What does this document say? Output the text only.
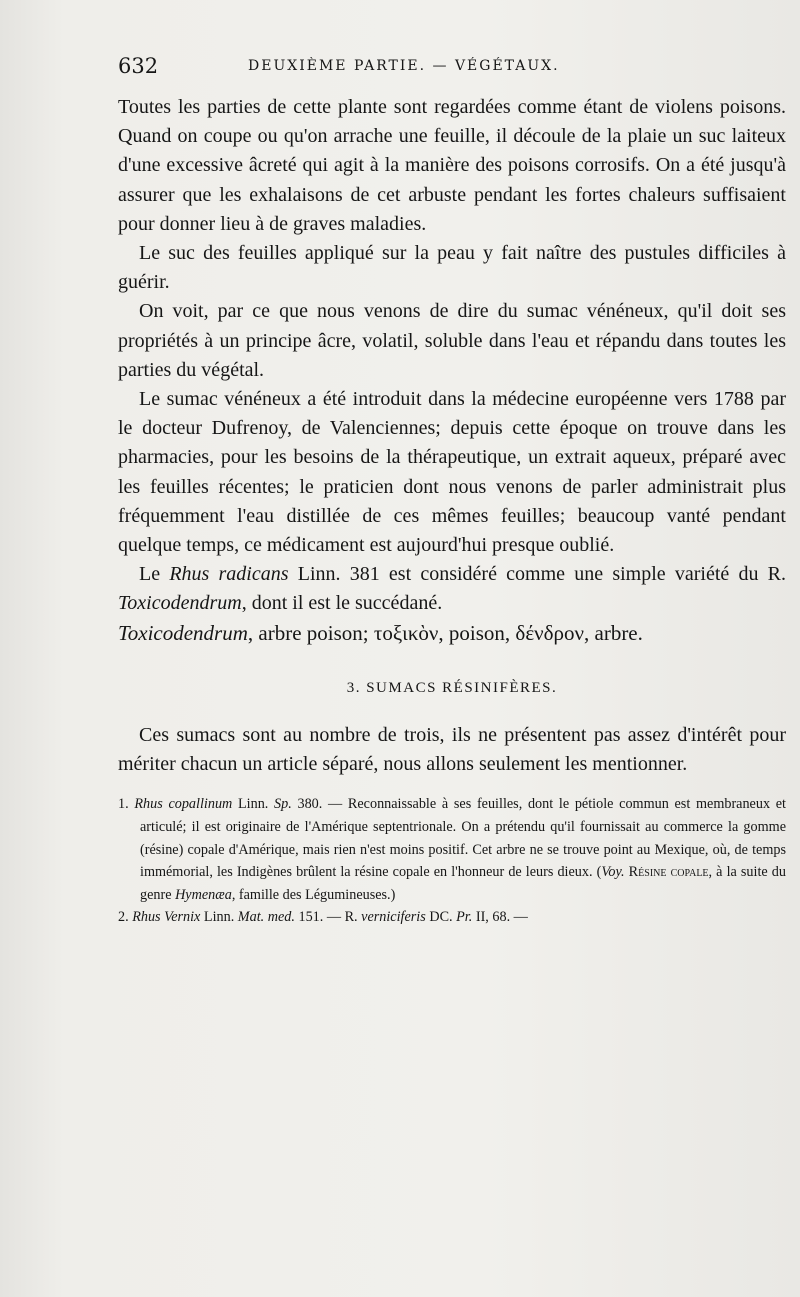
632	DEUXIÈME PARTIE. — VÉGÉTAUX.

Toutes les parties de cette plante sont regardées comme étant de violens poisons. Quand on coupe ou qu'on arrache une feuille, il découle de la plaie un suc laiteux d'une excessive âcreté qui agit à la manière des poisons corrosifs. On a été jusqu'à assurer que les exhalaisons de cet arbuste pendant les fortes chaleurs suffisaient pour donner lieu à de graves maladies.

Le suc des feuilles appliqué sur la peau y fait naître des pustules difficiles à guérir.

On voit, par ce que nous venons de dire du sumac vénéneux, qu'il doit ses propriétés à un principe âcre, volatil, soluble dans l'eau et répandu dans toutes les parties du végétal.

Le sumac vénéneux a été introduit dans la médecine européenne vers 1788 par le docteur Dufrenoy, de Valenciennes; depuis cette époque on trouve dans les pharmacies, pour les besoins de la thérapeutique, un extrait aqueux, préparé avec les feuilles récentes; le praticien dont nous venons de parler administrait plus fréquemment l'eau distillée de ces mêmes feuilles; beaucoup vanté pendant quelque temps, ce médicament est aujourd'hui presque oublié.

Le Rhus radicans Linn. 381 est considéré comme une simple variété du R. Toxicodendrum, dont il est le succédané.

Toxicodendrum, arbre poison; τοξικὸν, poison, δένδρον, arbre.

3. SUMACS RÉSINIFÈRES.

Ces sumacs sont au nombre de trois, ils ne présentent pas assez d'intérêt pour mériter chacun un article séparé, nous allons seulement les mentionner.

1. Rhus copallinum Linn. Sp. 380. — Reconnaissable à ses feuilles, dont le pétiole commun est membraneux et articulé; il est originaire de l'Amérique septentrionale. On a prétendu qu'il fournissait au commerce la gomme (résine) copale d'Amérique, mais rien n'est moins positif. Cet arbre ne se trouve point au Mexique, où, de temps immémorial, les Indigènes brûlent la résine copale en l'honneur de leurs dieux. (Voy. Résine copale, à la suite du genre Hymenæa, famille des Légumineuses.)

2. Rhus Vernix Linn. Mat. med. 151. — R. verniciferis DC. Pr. II, 68. —
